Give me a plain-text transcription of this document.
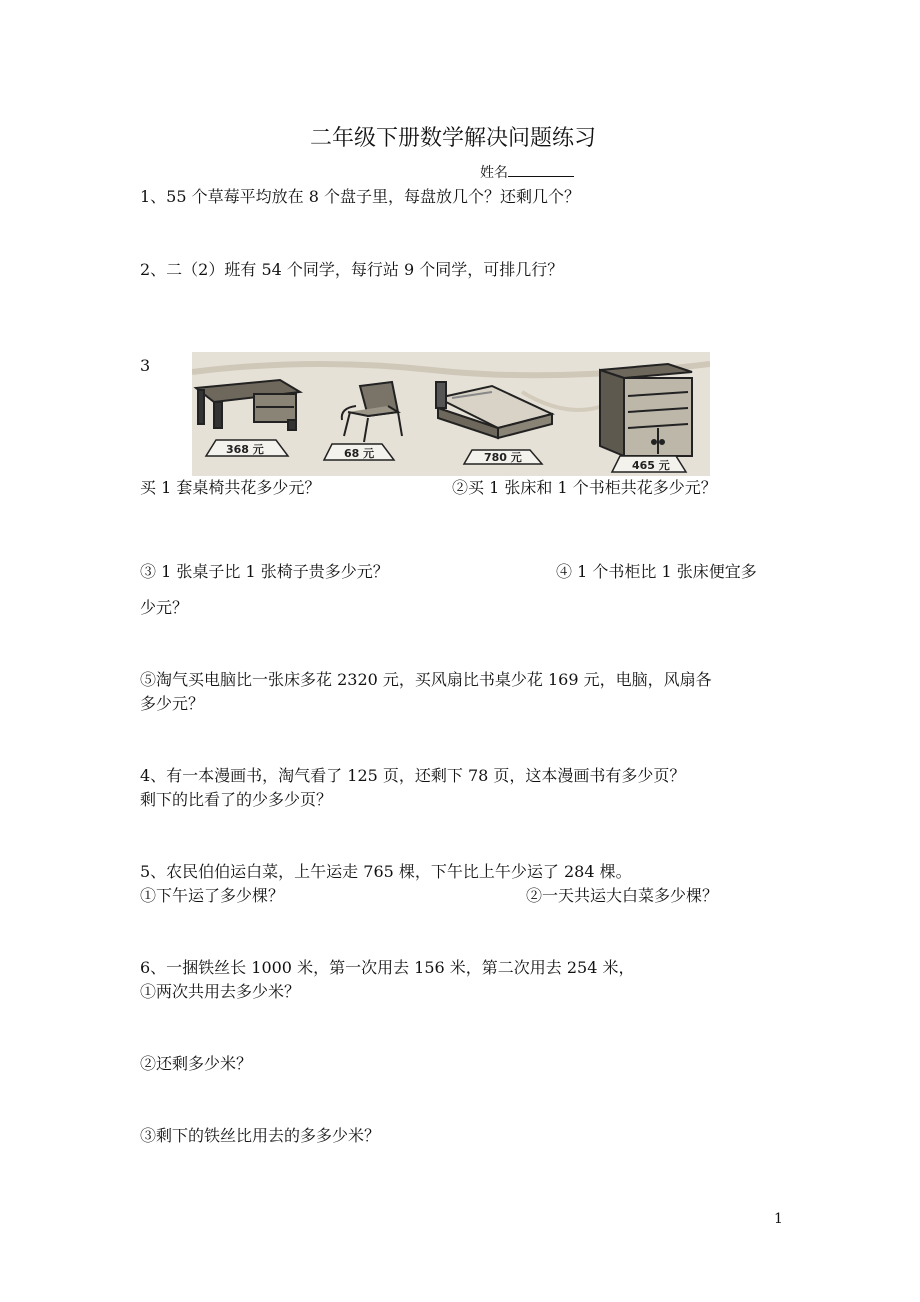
二年级下册数学解决问题练习
姓名
1、55 个草莓平均放在 8 个盘子里，每盘放几个？还剩几个？
2、二（2）班有 54 个同学，每行站 9 个同学，可排几行？
3
368 元	68 元	780 元
465 元
买 1 套桌椅共花多少元？	②买 1 张床和 1 个书柜共花多少元？
③ 1 张桌子比 1 张椅子贵多少元？	④ 1 个书柜比 1 张床便宜多
少元？
⑤淘气买电脑比一张床多花 2320 元，买风扇比书桌少花 169 元，电脑，风扇各
多少元？
4、有一本漫画书，淘气看了 125 页，还剩下 78 页，这本漫画书有多少页？
剩下的比看了的少多少页？
5、农民伯伯运白菜，上午运走 765 棵，下午比上午少运了 284 棵。
①下午运了多少棵？	②一天共运大白菜多少棵？
6、一捆铁丝长 1000 米，第一次用去 156 米，第二次用去 254 米，
①两次共用去多少米？
②还剩多少米？
③剩下的铁丝比用去的多多少米？
1
